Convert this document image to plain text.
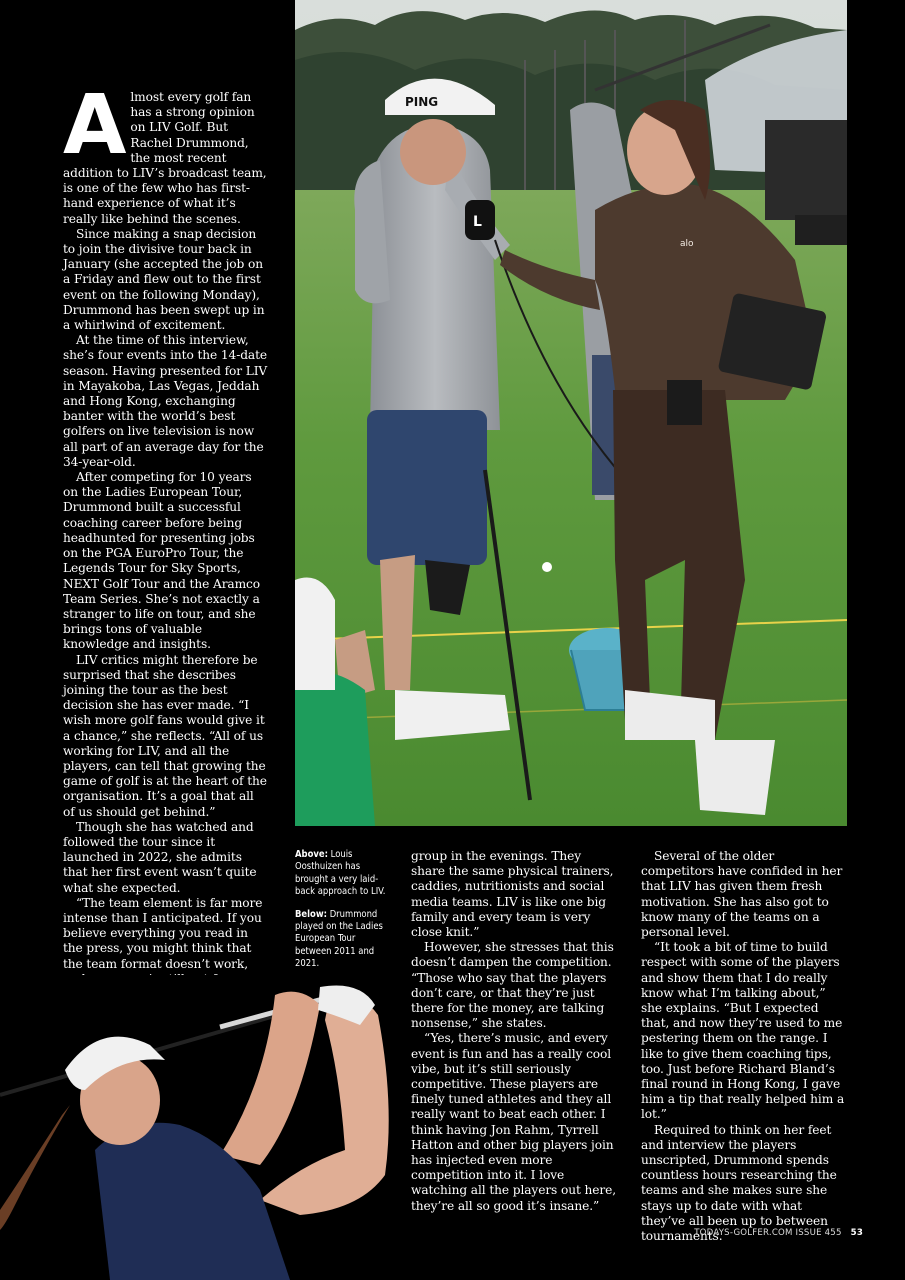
PING
L
alo

Almost every golf fan has a strong opinion on LIV Golf. But Rachel Drummond, the most recent addition to LIV’s broadcast team, is one of the few who has first-hand experience of what it’s really like behind the scenes.

Since making a snap decision to join the divisive tour back in January (she accepted the job on a Friday and flew out to the first event on the following Monday), Drummond has been swept up in a whirlwind of excitement.

At the time of this interview, she’s four events into the 14-date season. Having presented for LIV in Mayakoba, Las Vegas, Jeddah and Hong Kong, exchanging banter with the world’s best golfers on live television is now all part of an average day for the 34-year-old.

After competing for 10 years on the Ladies European Tour, Drummond built a successful coaching career before being headhunted for presenting jobs on the PGA EuroPro Tour, the Legends Tour for Sky Sports, NEXT Golf Tour and the Aramco Team Series. She’s not exactly a stranger to life on tour, and she brings tons of valuable knowledge and insights.

LIV critics might therefore be surprised that she describes joining the tour as the best decision she has ever made. “I wish more golf fans would give it a chance,” she reflects. “All of us working for LIV, and all the players, can tell that growing the game of golf is at the heart of the organisation. It’s a goal that all of us should get behind.”

Though she has watched and followed the tour since it launched in 2022, she admits that her first event wasn’t quite what she expected.

“The team element is far more intense than I anticipated. If you believe everything you read in the press, you might think that the team format doesn’t work,

Above: Louis Oosthuizen has brought a very laid-back approach to LIV.

Below: Drummond played on the Ladies European Tour between 2011 and 2021.

group in the evenings. They share the same physical trainers, caddies, nutritionists and social media teams. LIV is like one big family and every team is very close knit.”

However, she stresses that this doesn’t dampen the competition. “Those who say that the players don’t care, or that they’re just there for the money, are talking nonsense,” she states.

“Yes, there’s music, and every event is fun and has a really cool vibe, but it’s still seriously competitive. These players are finely tuned athletes and they all really want to beat each other. I think having Jon Rahm, Tyrrell Hatton and other big players join has injected even more competition into it. I love watching all the players out here, they’re all so good it’s insane.”

Several of the older competitors have confided in her that LIV has given them fresh motivation. She has also got to know many of the teams on a personal level.

“It took a bit of time to build respect with some of the players and show them that I do really know what I’m talking about,” she explains. “But I expected that, and now they’re used to me pestering them on the range. I like to give them coaching tips, too. Just before Richard Bland’s final round in Hong Kong, I gave him a tip that really helped him a lot.”

Required to think on her feet and interview the players unscripted, Drummond spends countless hours researching the teams and she makes sure she stays up to date with what they’ve all been up to between tournaments.

TODAYS-GOLFER.COM ISSUE 455 53
